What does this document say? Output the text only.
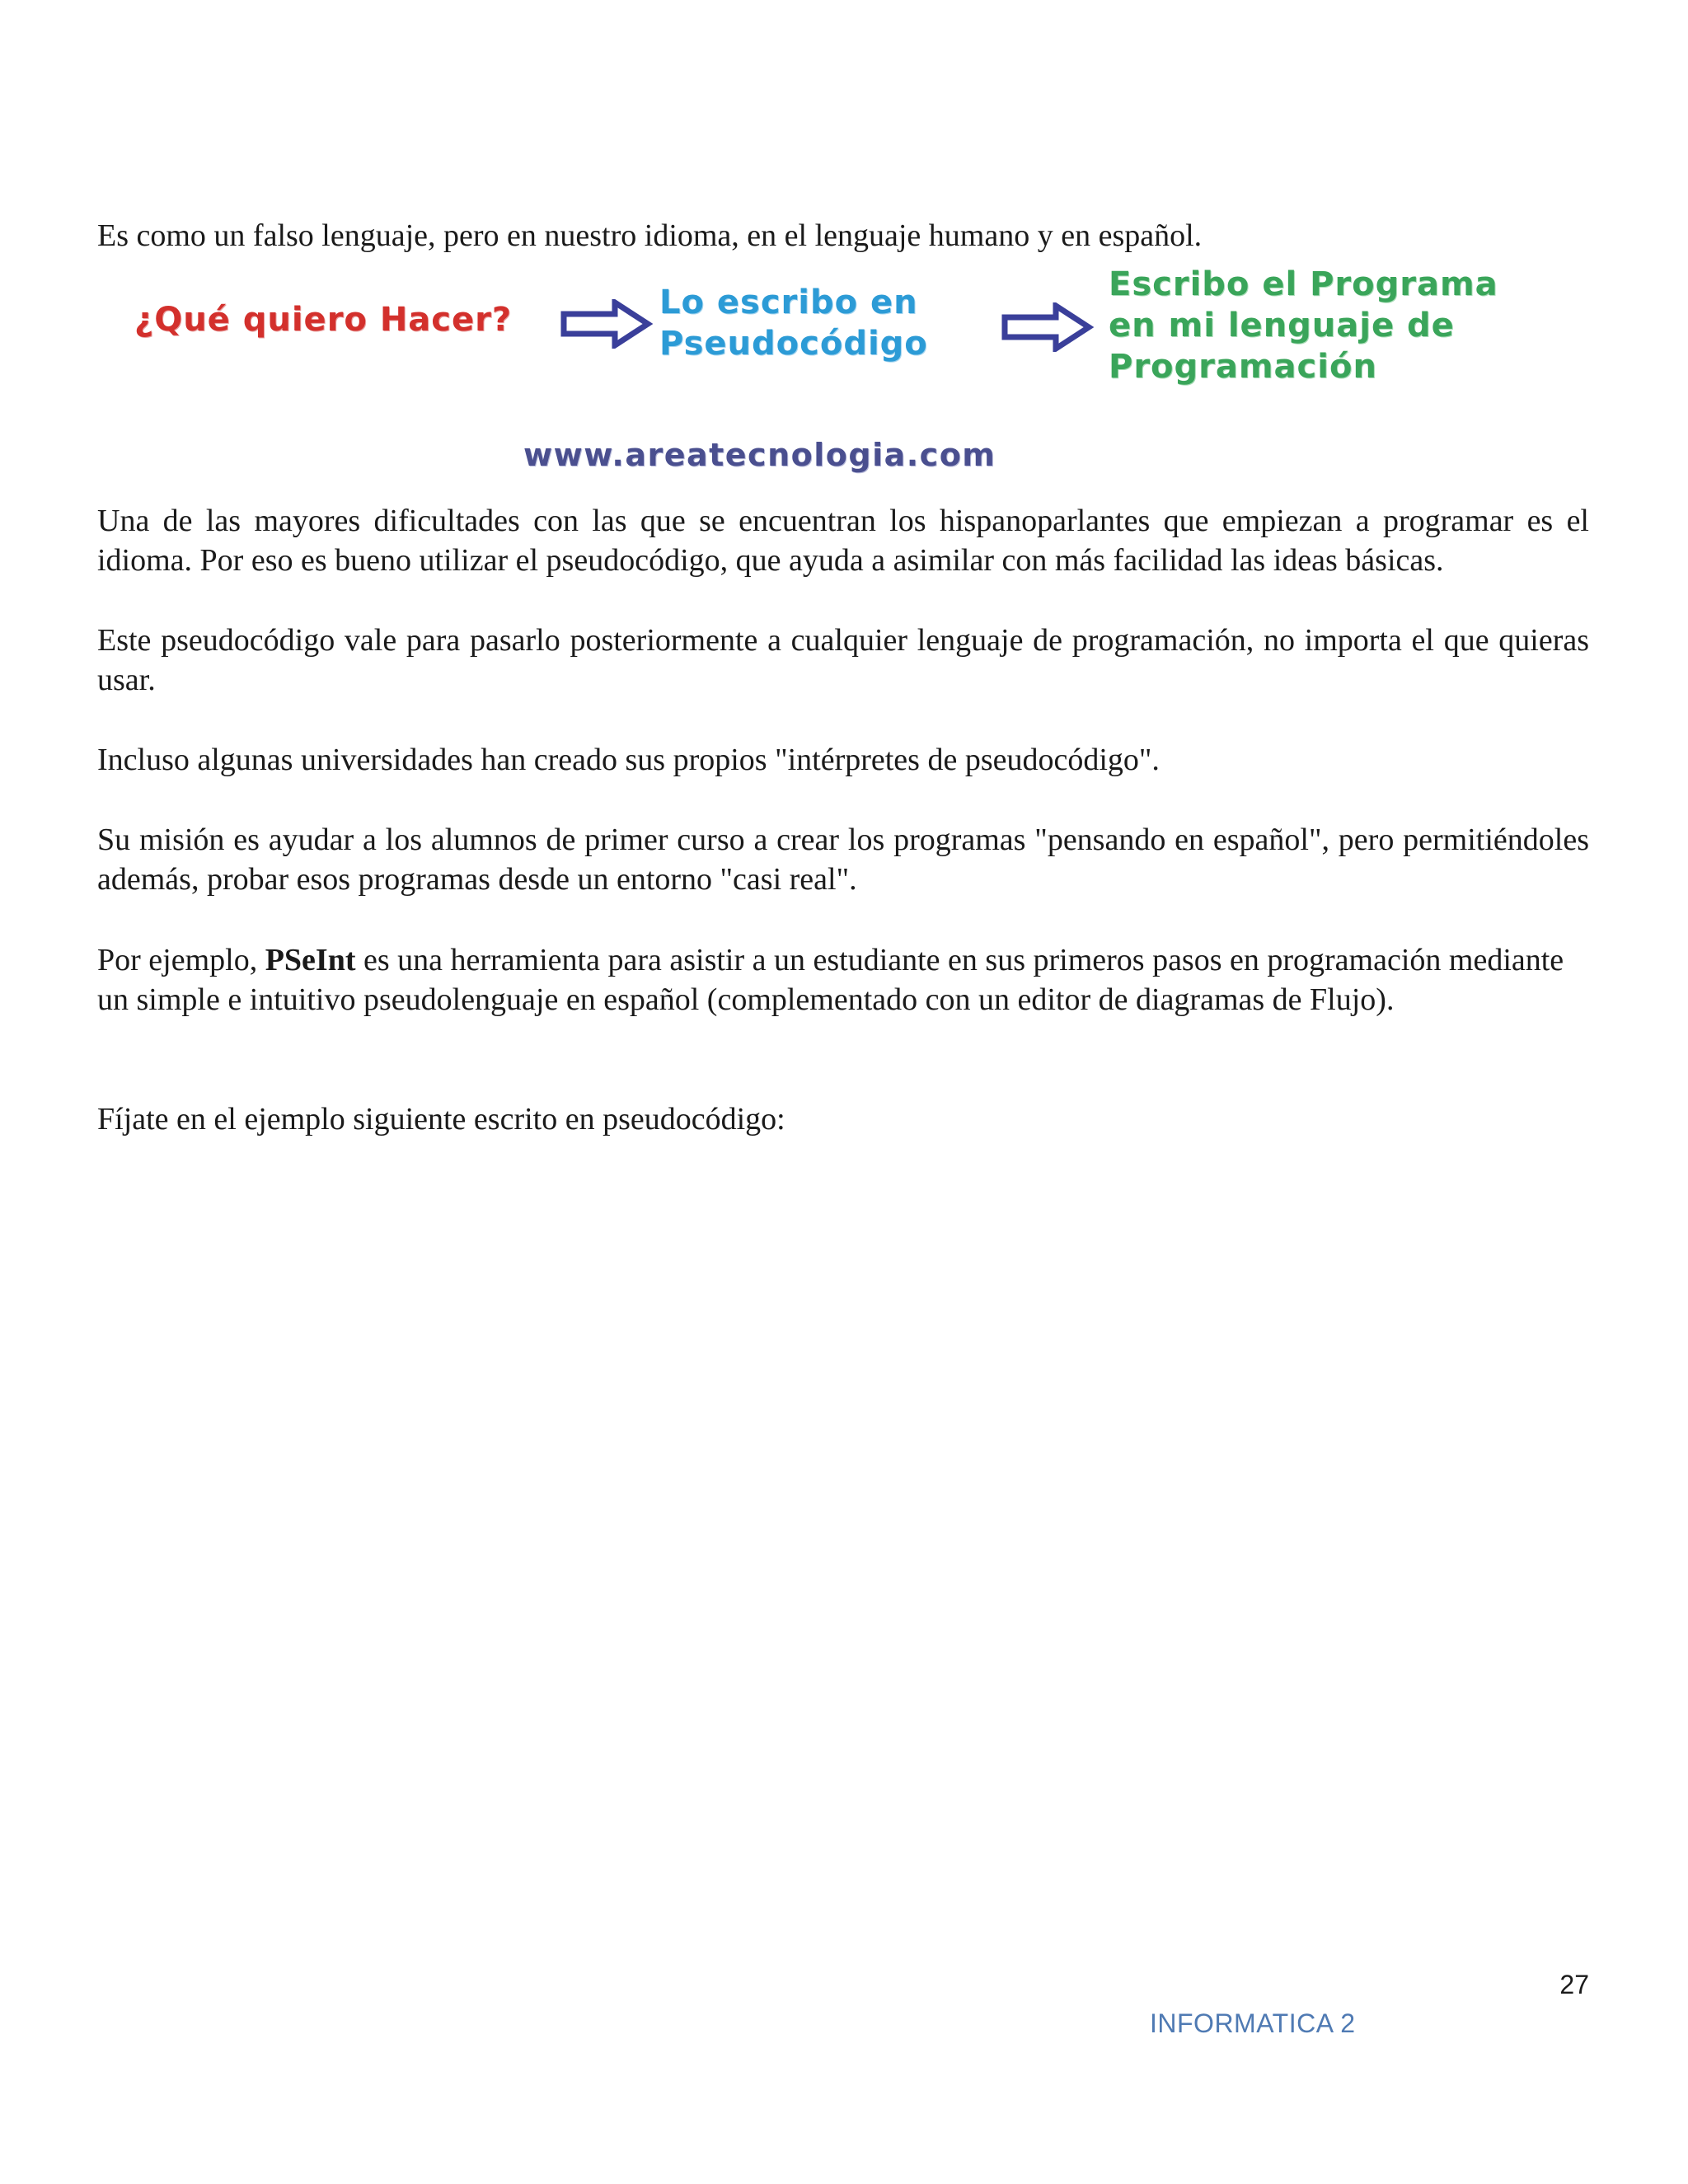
Es como un falso lenguaje, pero en nuestro idioma, en el lenguaje humano y en español.

¿Qué quiero Hacer?	Lo escribo en
Pseudocódigo

Escribo el Programa
en mi lenguaje de
Programación

www.areatecnologia.com

Una de las mayores dificultades con las que se encuentran los hispanoparlantes que empiezan a programar es el idioma. Por eso es bueno utilizar el pseudocódigo, que ayuda a asimilar con más facilidad las ideas básicas.

Este pseudocódigo vale para pasarlo posteriormente a cualquier lenguaje de programación, no importa el que quieras usar.

Incluso algunas universidades han creado sus propios "intérpretes de pseudocódigo".

Su misión es ayudar a los alumnos de primer curso a crear los programas "pensando en español", pero permitiéndoles además, probar esos programas desde un entorno "casi real".

Por ejemplo, PSeInt es una herramienta para asistir a un estudiante en sus primeros pasos en programación mediante un simple e intuitivo pseudolenguaje en español (complementado con un editor de diagramas de Flujo).

Fíjate en el ejemplo siguiente escrito en pseudocódigo:

27

INFORMATICA 2
